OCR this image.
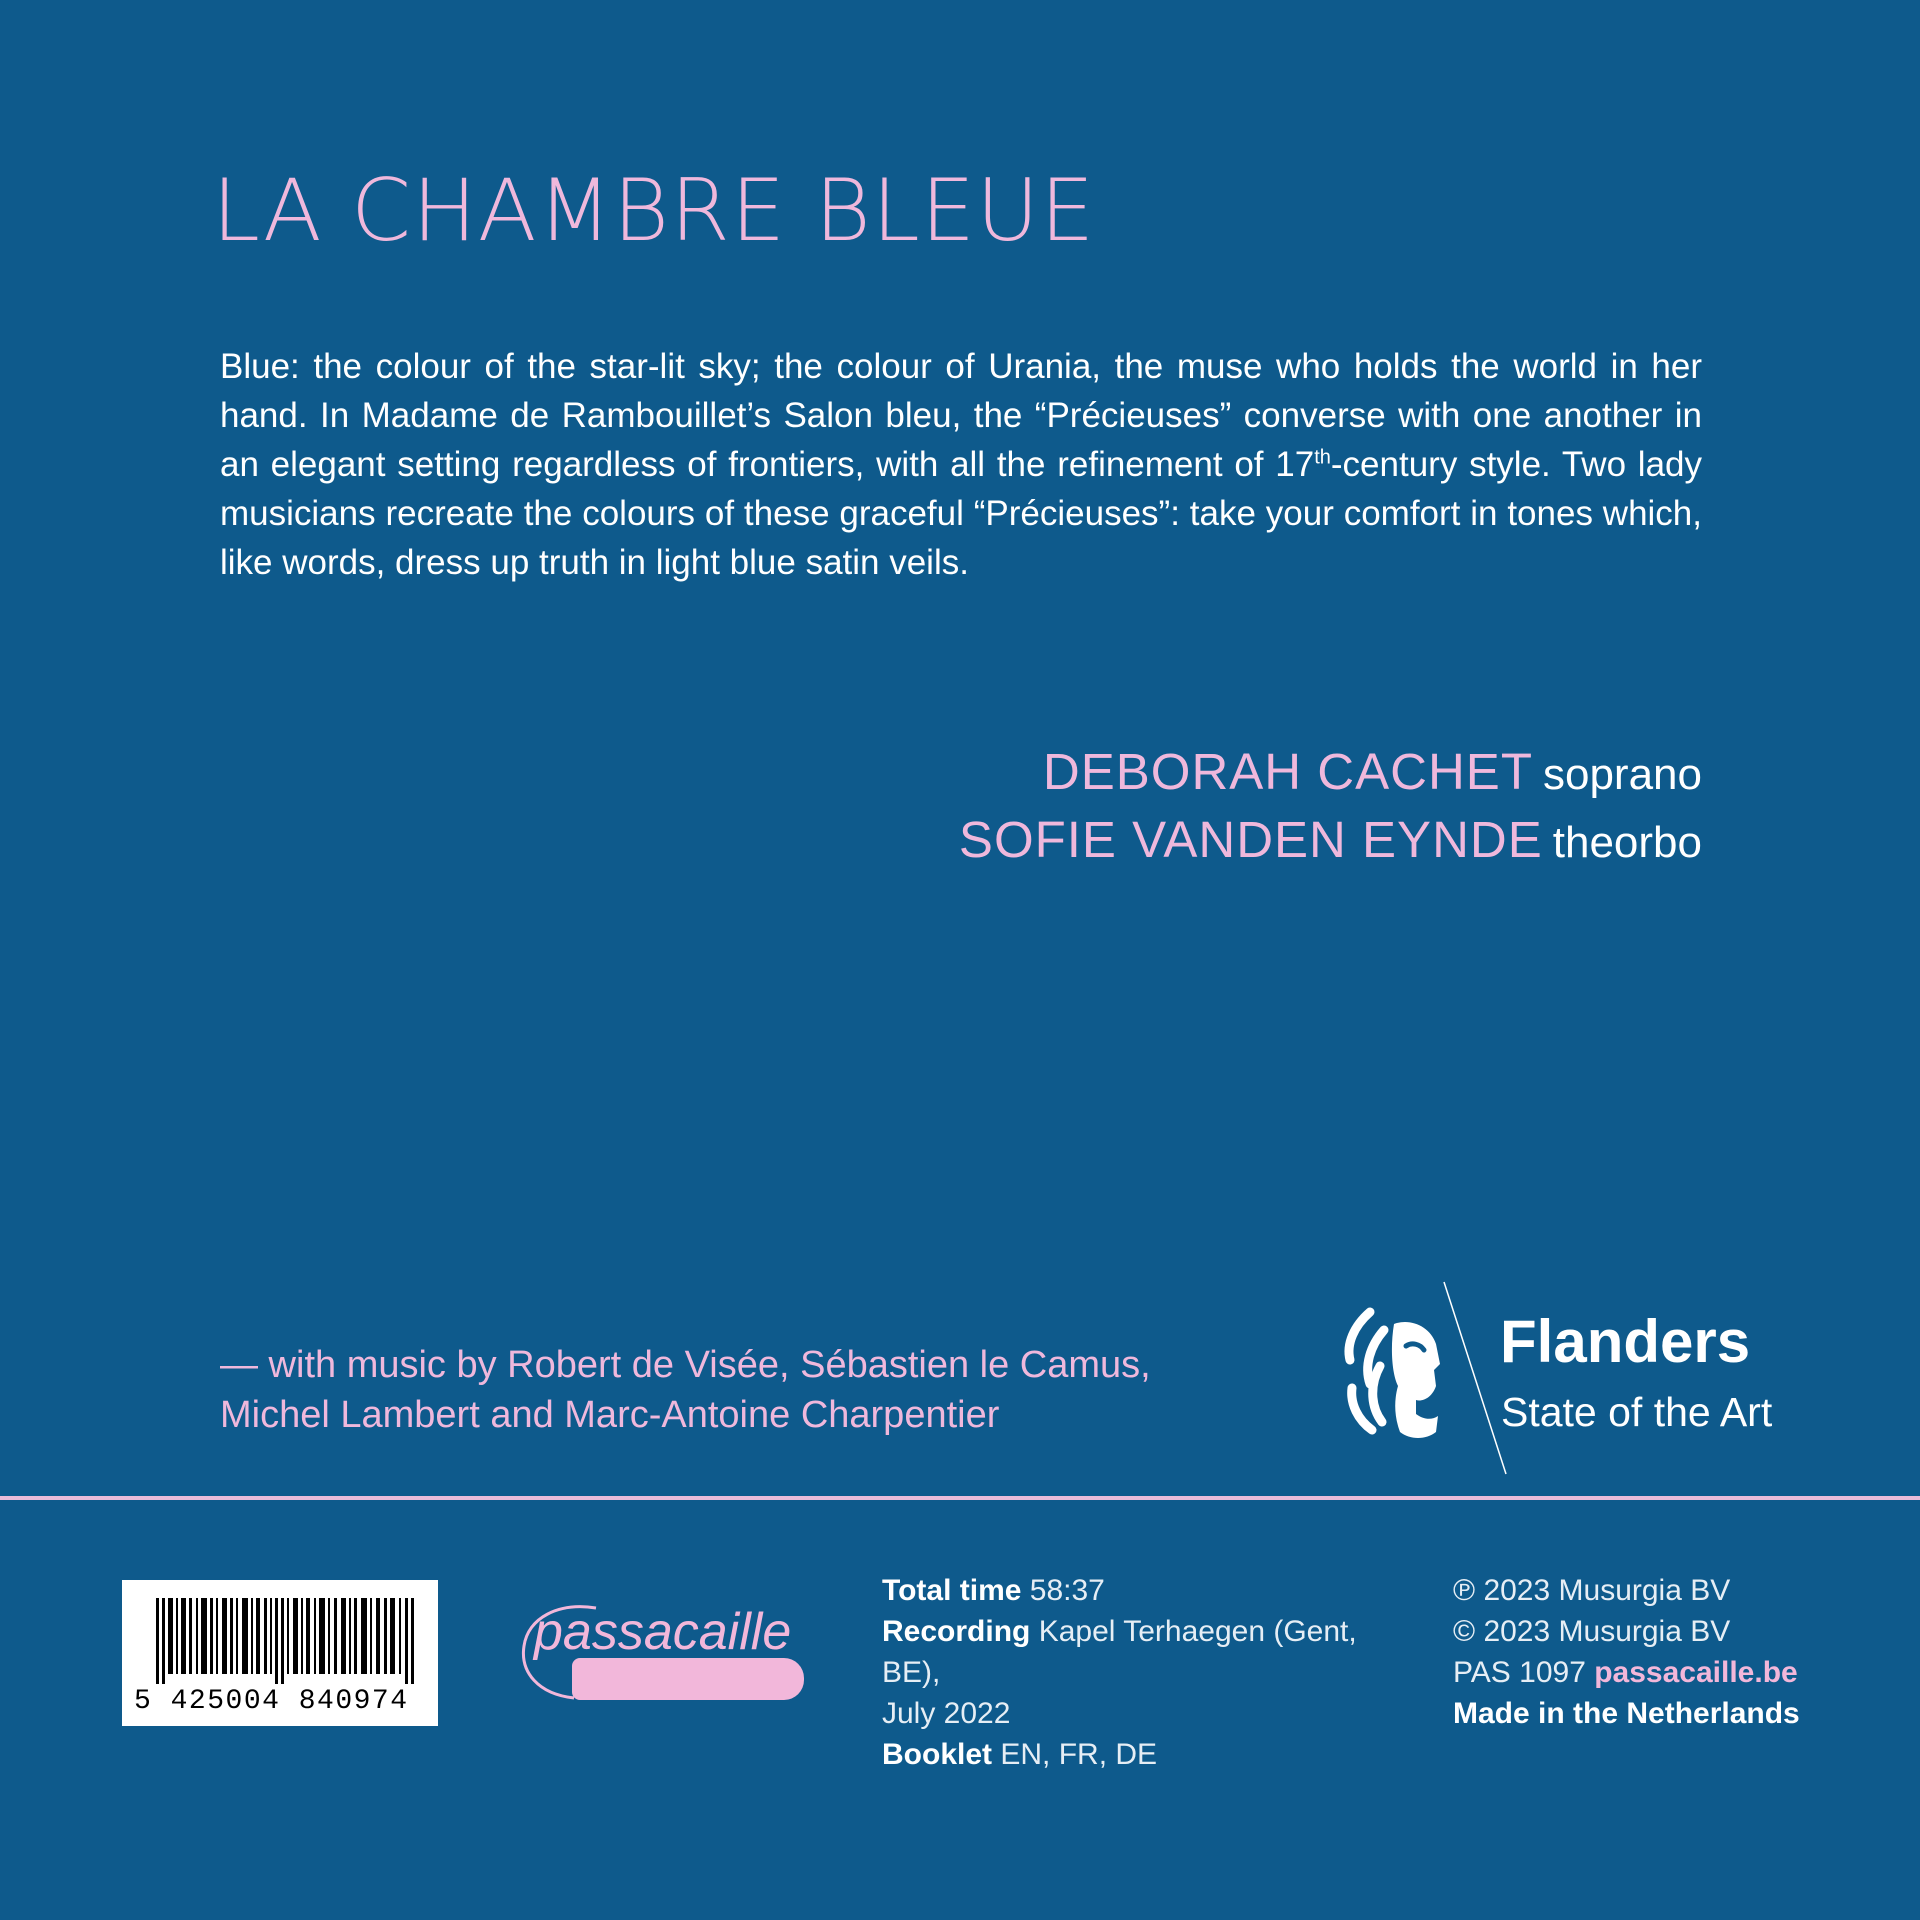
LA CHAMBRE BLEUE

Blue: the colour of the star-lit sky; the colour of Urania, the muse who holds the world in her hand. In Madame de Rambouillet’s Salon bleu, the “Précieuses” converse with one another in an elegant setting regardless of frontiers, with all the refinement of 17th-century style. Two lady musicians recreate the colours of these graceful “Précieuses”: take your comfort in tones which, like words, dress up truth in light blue satin veils.

DEBORAH CACHET soprano
SOFIE VANDEN EYNDE theorbo
— with music by Robert de Visée, Sébastien le Camus,
Michel Lambert and Marc-Antoine Charpentier
Flanders
State of the Art
5 425004 840974
passacaille

Total time 58:37

Recording Kapel Terhaegen (Gent, BE),

July 2022

Booklet EN, FR, DE

℗ 2023 Musurgia BV

© 2023 Musurgia BV

PAS 1097 passacaille.be

Made in the Netherlands
